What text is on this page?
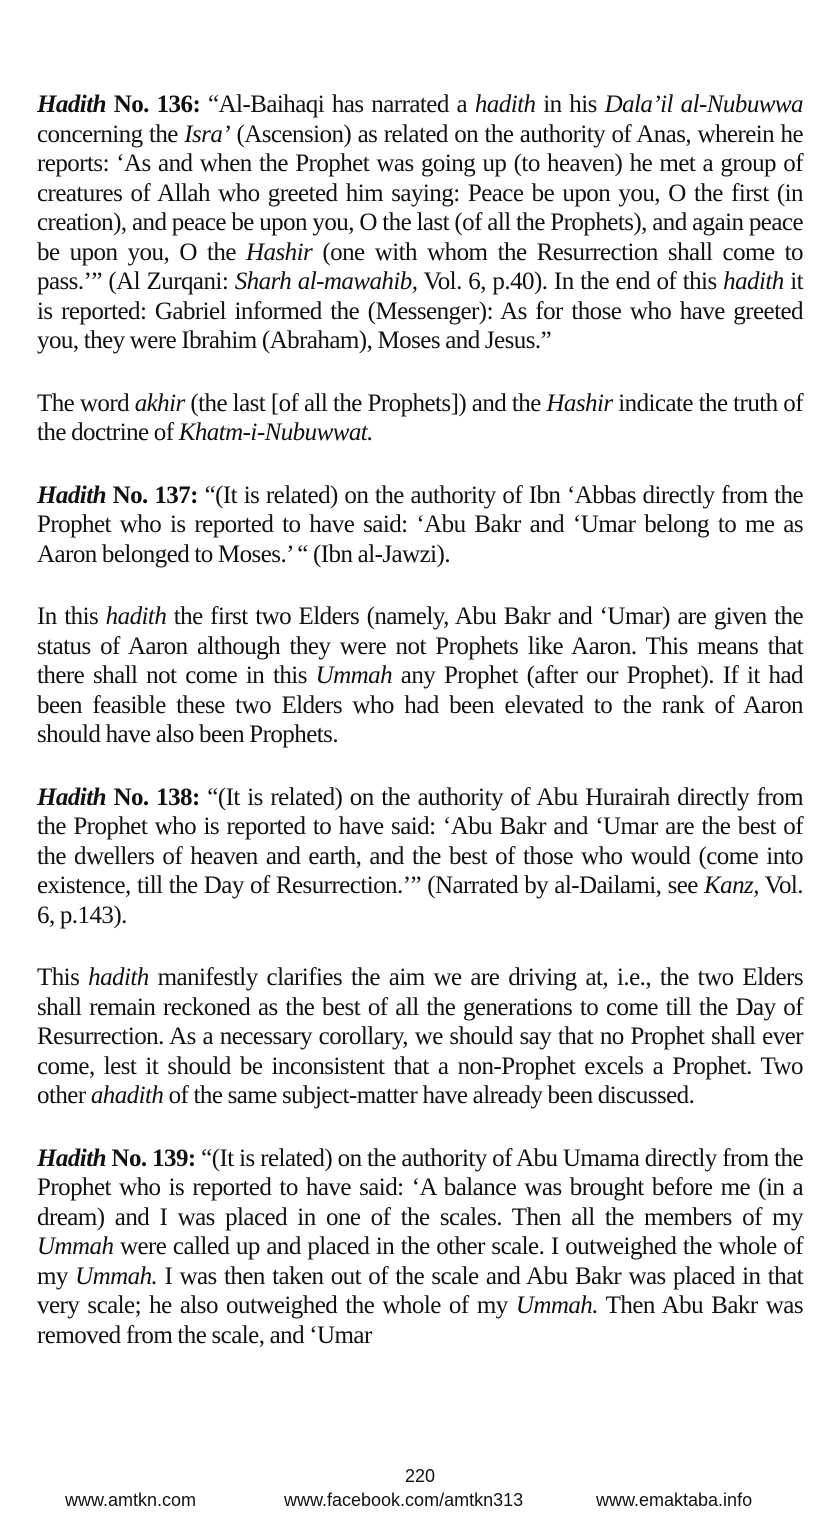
Hadith No. 136: “Al-Baihaqi has narrated a hadith in his Dala’il al-Nubuwwa concerning the Isra’ (Ascension) as related on the authority of Anas, wherein he reports: ‘As and when the Prophet was going up (to heaven) he met a group of creatures of Allah who greeted him saying: Peace be upon you, O the first (in creation), and peace be upon you, O the last (of all the Prophets), and again peace be upon you, O the Hashir (one with whom the Resurrection shall come to pass.’” (Al Zurqani: Sharh al-mawahib, Vol. 6, p.40). In the end of this hadith it is reported: Gabriel informed the (Messenger): As for those who have greeted you, they were Ibrahim (Abraham), Moses and Jesus.”

The word akhir (the last [of all the Prophets]) and the Hashir indicate the truth of the doctrine of Khatm-i-Nubuwwat.

Hadith No. 137: “(It is related) on the authority of Ibn ‘Abbas directly from the Prophet who is reported to have said: ‘Abu Bakr and ‘Umar belong to me as Aaron belonged to Moses.’ “ (Ibn al-Jawzi).

In this hadith the first two Elders (namely, Abu Bakr and ‘Umar) are given the status of Aaron although they were not Prophets like Aaron. This means that there shall not come in this Ummah any Prophet (after our Prophet). If it had been feasible these two Elders who had been elevated to the rank of Aaron should have also been Prophets.

Hadith No. 138: “(It is related) on the authority of Abu Hurairah directly from the Prophet who is reported to have said: ‘Abu Bakr and ‘Umar are the best of the dwellers of heaven and earth, and the best of those who would (come into existence, till the Day of Resurrection.’” (Narrated by al-Dailami, see Kanz, Vol. 6, p.143).

This hadith manifestly clarifies the aim we are driving at, i.e., the two Elders shall remain reckoned as the best of all the generations to come till the Day of Resurrection. As a necessary corollary, we should say that no Prophet shall ever come, lest it should be inconsistent that a non-Prophet excels a Prophet. Two other ahadith of the same subject-matter have already been discussed.

Hadith No. 139: “(It is related) on the authority of Abu Umama directly from the Prophet who is reported to have said: ‘A balance was brought before me (in a dream) and I was placed in one of the scales. Then all the members of my Ummah were called up and placed in the other scale. I outweighed the whole of my Ummah. I was then taken out of the scale and Abu Bakr was placed in that very scale; he also outweighed the whole of my Ummah. Then Abu Bakr was removed from the scale, and ‘Umar

220
www.amtkn.com	www.facebook.com/amtkn313	www.emaktaba.info
